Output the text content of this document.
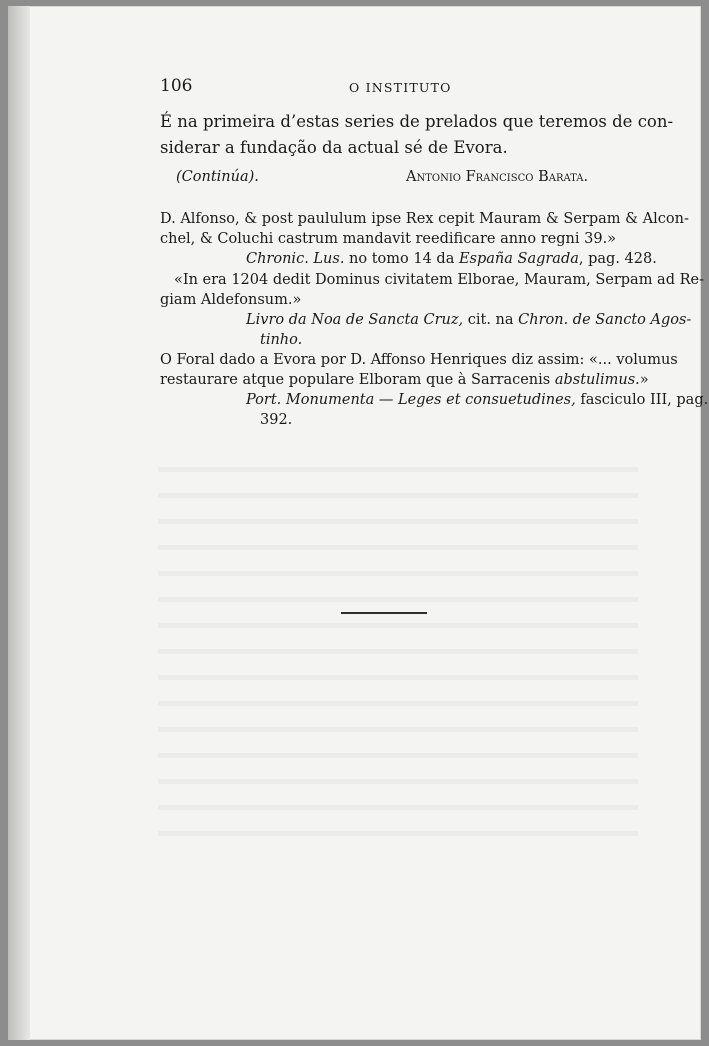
106	O INSTITUTO
É na primeira d’estas series de prelados que teremos de con-
siderar a fundação da actual sé de Evora.
(Continúa).	Antonio Francisco Barata.
D. Alfonso, & post paululum ipse Rex cepit Mauram & Serpam & Alcon-
chel, & Coluchi castrum mandavit reedificare anno regni 39.»
Chronic. Lus. no tomo 14 da España Sagrada, pag. 428.
«In era 1204 dedit Dominus civitatem Elborae, Mauram, Serpam ad Re-
giam Aldefonsum.»
Livro da Noa de Sancta Cruz, cit. na Chron. de Sancto Agos-
tinho.
O Foral dado a Evora por D. Affonso Henriques diz assim: «... volumus
restaurare atque populare Elboram que à Sarracenis abstulimus.»
Port. Monumenta — Leges et consuetudines, fasciculo III, pag.
392.
